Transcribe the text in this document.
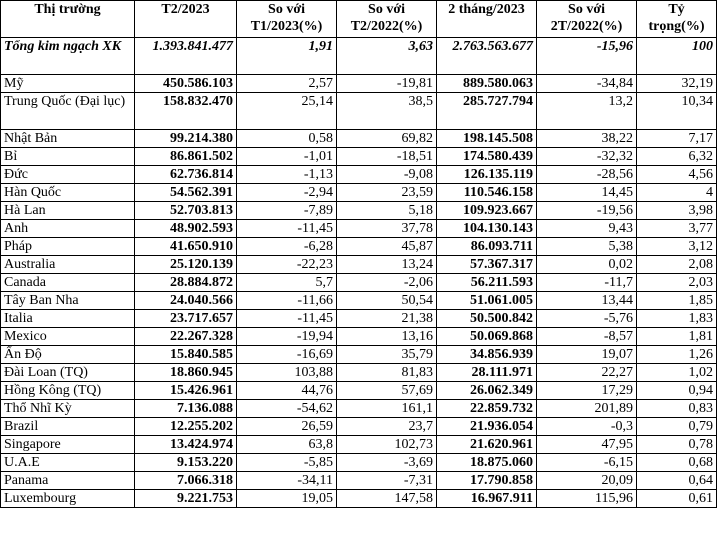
Thị trường	T2/2023	So với T1/2023(%)	So với T2/2022(%)	2 tháng/2023	So với 2T/2022(%)	Tỷ trọng(%)
Tổng kim ngạch XK	1.393.841.477	1,91	3,63	2.763.563.677	-15,96	100
Mỹ	450.586.103	2,57	-19,81	889.580.063	-34,84	32,19
Trung Quốc (Đại lục)	158.832.470	25,14	38,5	285.727.794	13,2	10,34
Nhật Bản	99.214.380	0,58	69,82	198.145.508	38,22	7,17
Bỉ	86.861.502	-1,01	-18,51	174.580.439	-32,32	6,32
Đức	62.736.814	-1,13	-9,08	126.135.119	-28,56	4,56
Hàn Quốc	54.562.391	-2,94	23,59	110.546.158	14,45	4
Hà Lan	52.703.813	-7,89	5,18	109.923.667	-19,56	3,98
Anh	48.902.593	-11,45	37,78	104.130.143	9,43	3,77
Pháp	41.650.910	-6,28	45,87	86.093.711	5,38	3,12
Australia	25.120.139	-22,23	13,24	57.367.317	0,02	2,08
Canada	28.884.872	5,7	-2,06	56.211.593	-11,7	2,03
Tây Ban Nha	24.040.566	-11,66	50,54	51.061.005	13,44	1,85
Italia	23.717.657	-11,45	21,38	50.500.842	-5,76	1,83
Mexico	22.267.328	-19,94	13,16	50.069.868	-8,57	1,81
Ấn Độ	15.840.585	-16,69	35,79	34.856.939	19,07	1,26
Đài Loan (TQ)	18.860.945	103,88	81,83	28.111.971	22,27	1,02
Hồng Kông (TQ)	15.426.961	44,76	57,69	26.062.349	17,29	0,94
Thổ Nhĩ Kỳ	7.136.088	-54,62	161,1	22.859.732	201,89	0,83
Brazil	12.255.202	26,59	23,7	21.936.054	-0,3	0,79
Singapore	13.424.974	63,8	102,73	21.620.961	47,95	0,78
U.A.E	9.153.220	-5,85	-3,69	18.875.060	-6,15	0,68
Panama	7.066.318	-34,11	-7,31	17.790.858	20,09	0,64
Luxembourg	9.221.753	19,05	147,58	16.967.911	115,96	0,61
